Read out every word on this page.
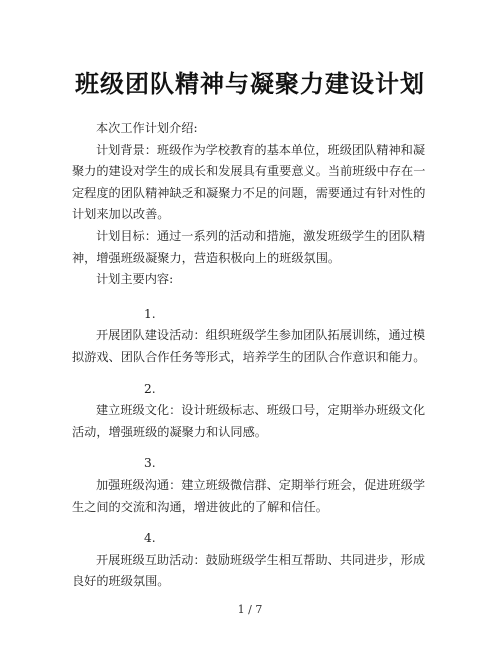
班级团队精神与凝聚力建设计划

本次工作计划介绍:

计划背景：班级作为学校教育的基本单位，班级团队精神和凝聚力的建设对学生的成长和发展具有重要意义。当前班级中存在一定程度的团队精神缺乏和凝聚力不足的问题，需要通过有针对性的计划来加以改善。

计划目标：通过一系列的活动和措施，激发班级学生的团队精神，增强班级凝聚力，营造积极向上的班级氛围。

计划主要内容:

1.

开展团队建设活动：组织班级学生参加团队拓展训练，通过模拟游戏、团队合作任务等形式，培养学生的团队合作意识和能力。

2.

建立班级文化：设计班级标志、班级口号，定期举办班级文化活动，增强班级的凝聚力和认同感。

3.

加强班级沟通：建立班级微信群、定期举行班会，促进班级学生之间的交流和沟通，增进彼此的了解和信任。

4.

开展班级互助活动：鼓励班级学生相互帮助、共同进步，形成良好的班级氛围。

1 / 7
